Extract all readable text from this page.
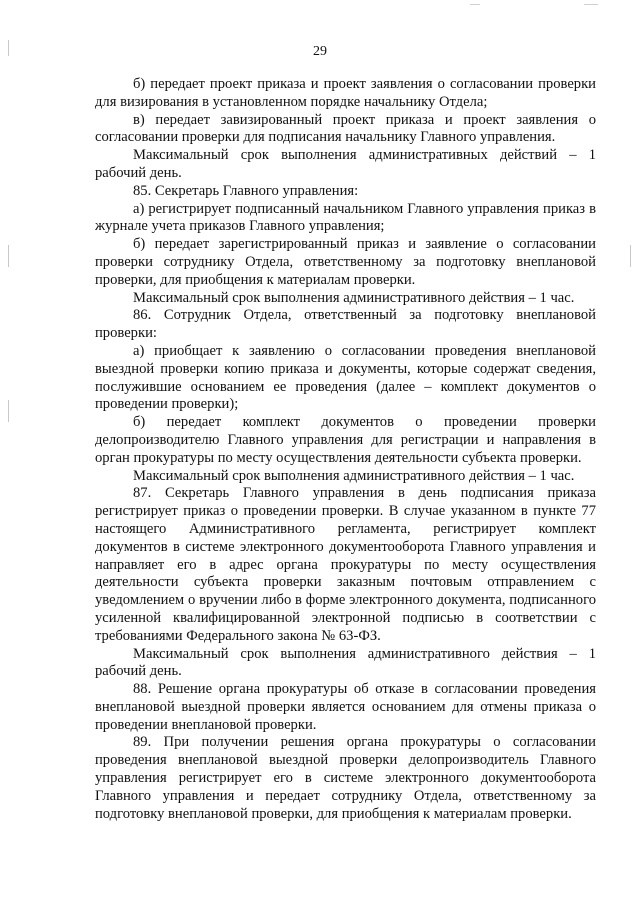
29

б) передает проект приказа и проект заявления о согласовании проверки для визирования в установленном порядке начальнику Отдела;

в) передает завизированный проект приказа и проект заявления о согласовании проверки для подписания начальнику Главного управления.

Максимальный срок выполнения административных действий – 1 рабочий день.

85. Секретарь Главного управления:

а) регистрирует подписанный начальником Главного управления приказ в журнале учета приказов Главного управления;

б) передает зарегистрированный приказ и заявление о согласовании проверки сотруднику Отдела, ответственному за подготовку внеплановой проверки, для приобщения к материалам проверки.

Максимальный срок выполнения административного действия – 1 час.

86. Сотрудник Отдела, ответственный за подготовку внеплановой проверки:

а) приобщает к заявлению о согласовании проведения внеплановой выездной проверки копию приказа и документы, которые содержат сведения, послужившие основанием ее проведения (далее – комплект документов о проведении проверки);

б) передает комплект документов о проведении проверки делопроизводителю Главного управления для регистрации и направления в орган прокуратуры по месту осуществления деятельности субъекта проверки.

Максимальный срок выполнения административного действия – 1 час.

87. Секретарь Главного управления в день подписания приказа регистрирует приказ о проведении проверки. В случае указанном в пункте 77 настоящего Административного регламента, регистрирует комплект документов в системе электронного документооборота Главного управления и направляет его в адрес органа прокуратуры по месту осуществления деятельности субъекта проверки заказным почтовым отправлением с уведомлением о вручении либо в форме электронного документа, подписанного усиленной квалифицированной электронной подписью в соответствии с требованиями Федерального закона № 63-ФЗ.

Максимальный срок выполнения административного действия – 1 рабочий день.

88. Решение органа прокуратуры об отказе в согласовании проведения внеплановой выездной проверки является основанием для отмены приказа о проведении внеплановой проверки.

89. При получении решения органа прокуратуры о согласовании проведения внеплановой выездной проверки делопроизводитель Главного управления регистрирует его в системе электронного документооборота Главного управления и передает сотруднику Отдела, ответственному за подготовку внеплановой проверки, для приобщения к материалам проверки.
